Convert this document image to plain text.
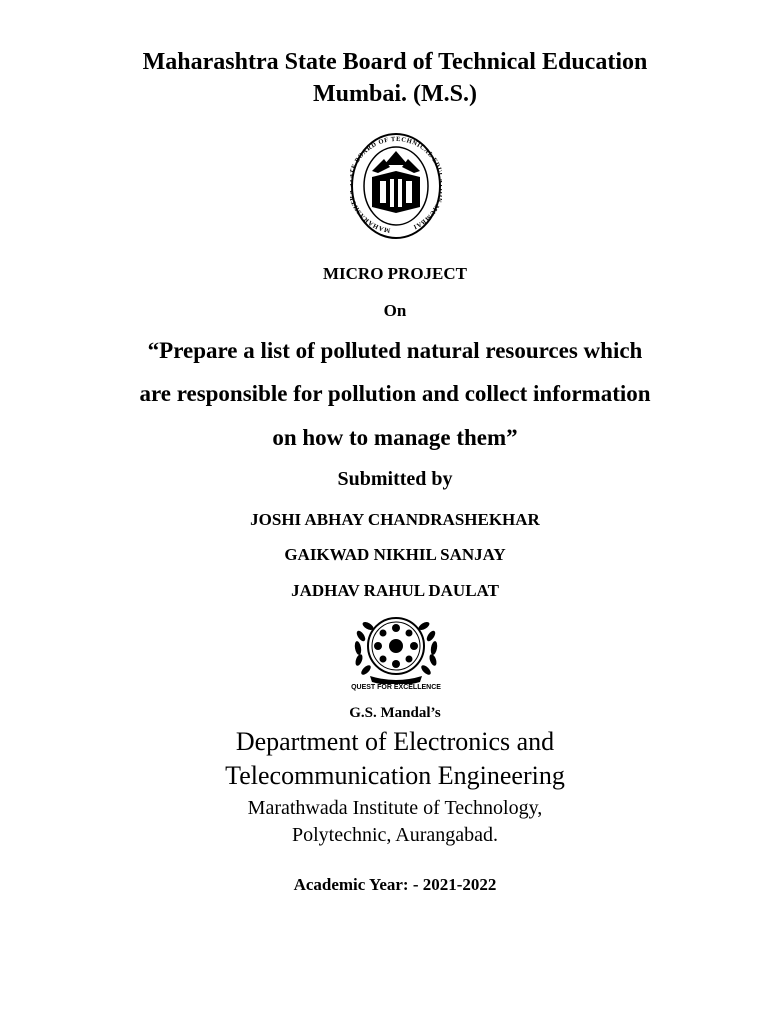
Maharashtra State Board of Technical Education
Mumbai. (M.S.)
MAHARASHT E BOARD OF TECHNICAL ED MUMBAI
MICRO PROJECT
On
“Prepare a list of polluted natural resources which
are responsible for pollution and collect information
on how to manage them”
Submitted by
JOSHI ABHAY CHANDRASHEKHAR
GAIKWAD NIKHIL SANJAY
JADHAV RAHUL DAULAT
QUEST FOR EXCELLENCE
G.S. Mandal’s
Department of Electronics and
Telecommunication Engineering
Marathwada Institute of Technology,
Polytechnic, Aurangabad.
Academic Year: - 2021-2022
